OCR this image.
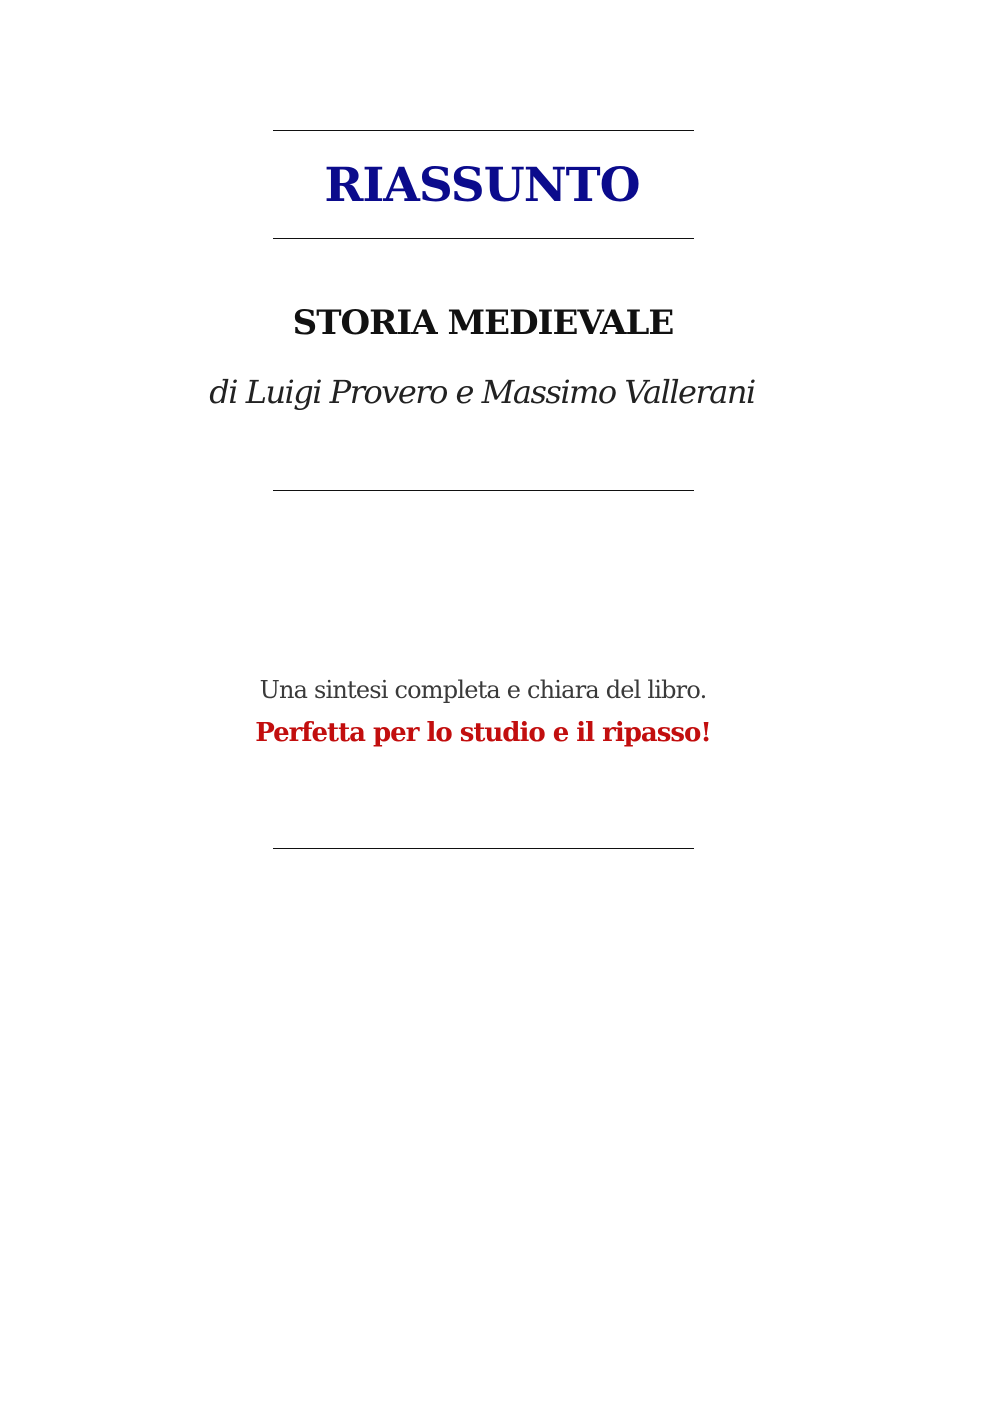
RIASSUNTO
STORIA MEDIEVALE

di Luigi Provero e Massimo Vallerani

Una sintesi completa e chiara del libro.

Perfetta per lo studio e il ripasso!
